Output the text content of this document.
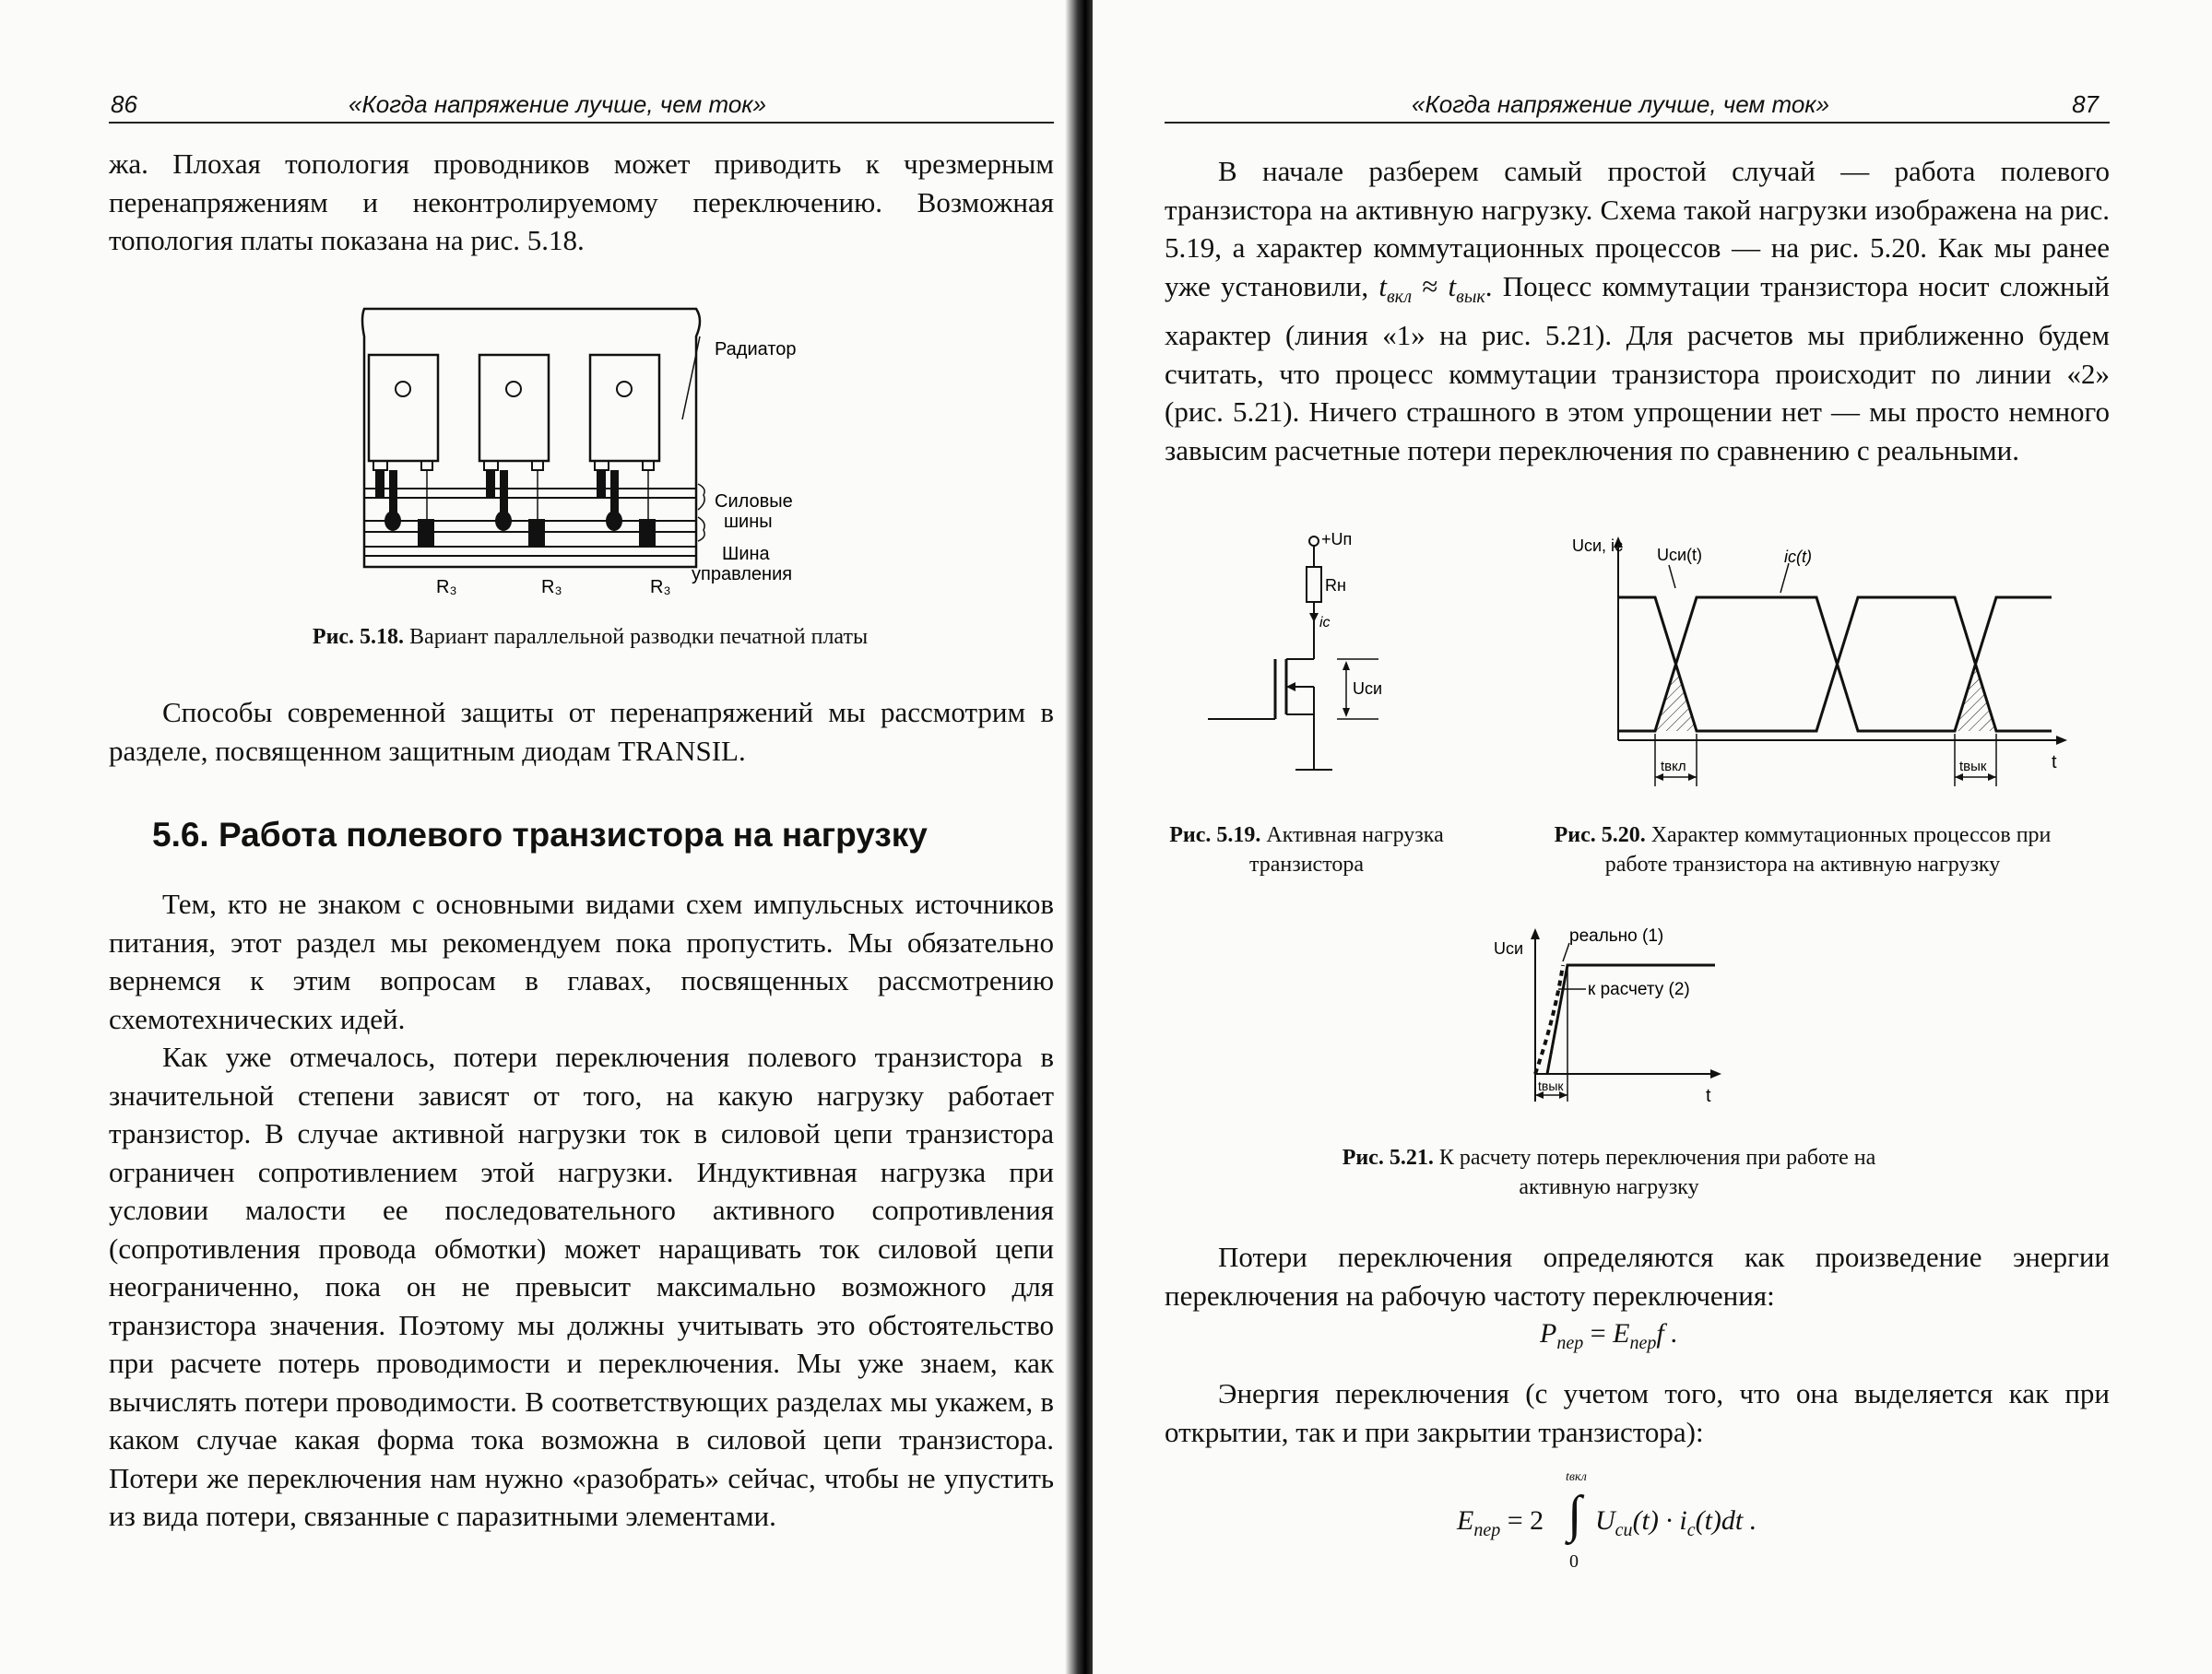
86	«Когда напряжение лучше, чем ток»

жа. Плохая топология проводников может приводить к чрезмерным перенапряжениям и неконтролируемому переключению. Возможная топология платы показана на рис. 5.18.

Радиатор
Силовые
шины
Шина
управления
R₃	R₃	R₃
Рис. 5.18. Вариант параллельной разводки печатной платы

Способы современной защиты от перенапряжений мы рассмотрим в разделе, посвященном защитным диодам TRANSIL.

5.6. Работа полевого транзистора на нагрузку

Тем, кто не знаком с основными видами схем импульсных источников питания, этот раздел мы рекомендуем пока пропустить. Мы обязательно вернемся к этим вопросам в главах, посвященных рассмотрению схемотехнических идей.

Как уже отмечалось, потери переключения полевого транзистора в значительной степени зависят от того, на какую нагрузку работает транзистор. В случае активной нагрузки ток в силовой цепи транзистора ограничен сопротивлением этой нагрузки. Индуктивная нагрузка при условии малости ее последовательного активного сопротивления (сопротивления провода обмотки) может наращивать ток силовой цепи неограниченно, пока он не превысит максимально возможного для транзистора значения. Поэтому мы должны учитывать это обстоятельство при расчете потерь проводимости и переключения. Мы уже знаем, как вычислять потери проводимости. В соответствующих разделах мы укажем, в каком случае какая форма тока возможна в силовой цепи транзистора. Потери же переключения нам нужно «разобрать» сейчас, чтобы не упустить из вида потери, связанные с паразитными элементами.

«Когда напряжение лучше, чем ток»	87

В начале разберем самый простой случай — работа полевого транзистора на активную нагрузку. Схема такой нагрузки изображена на рис. 5.19, а характер коммутационных процессов — на рис. 5.20. Как мы ранее уже установили, $t_{вкл} \approx t_{вык}$. Поцесс коммутации транзистора носит сложный характер (линия «1» на рис. 5.21). Для расчетов мы приближенно будем считать, что процесс коммутации транзистора происходит по линии «2» (рис. 5.21). Ничего страшного в этом упрощении нет — мы просто немного завысим расчетные потери переключения по сравнению с реальными.

+Uп
Rн
iс
Uси
Рис. 5.19. Активная нагрузка транзистора
Uси, iс
t
Uси(t)	iс(t)
tвкл	tвык
Рис. 5.20. Характер коммутационных процессов при работе транзистора на активную нагрузку
Uси
t
реально (1)
к расчету (2)
tвык
Рис. 5.21. К расчету потерь переключения при работе на активную нагрузку

Потери переключения определяются как произведение энергии переключения на рабочую частоту переключения:

$P_{пер} = E_{пер}f$ .

Энергия переключения (с учетом того, что она выделяется как при открытии, так и при закрытии транзистора):

$E_{пер} = 2$ ∫
tвкл
0
$U_{си}(t) \cdot i_с(t)dt$ .
